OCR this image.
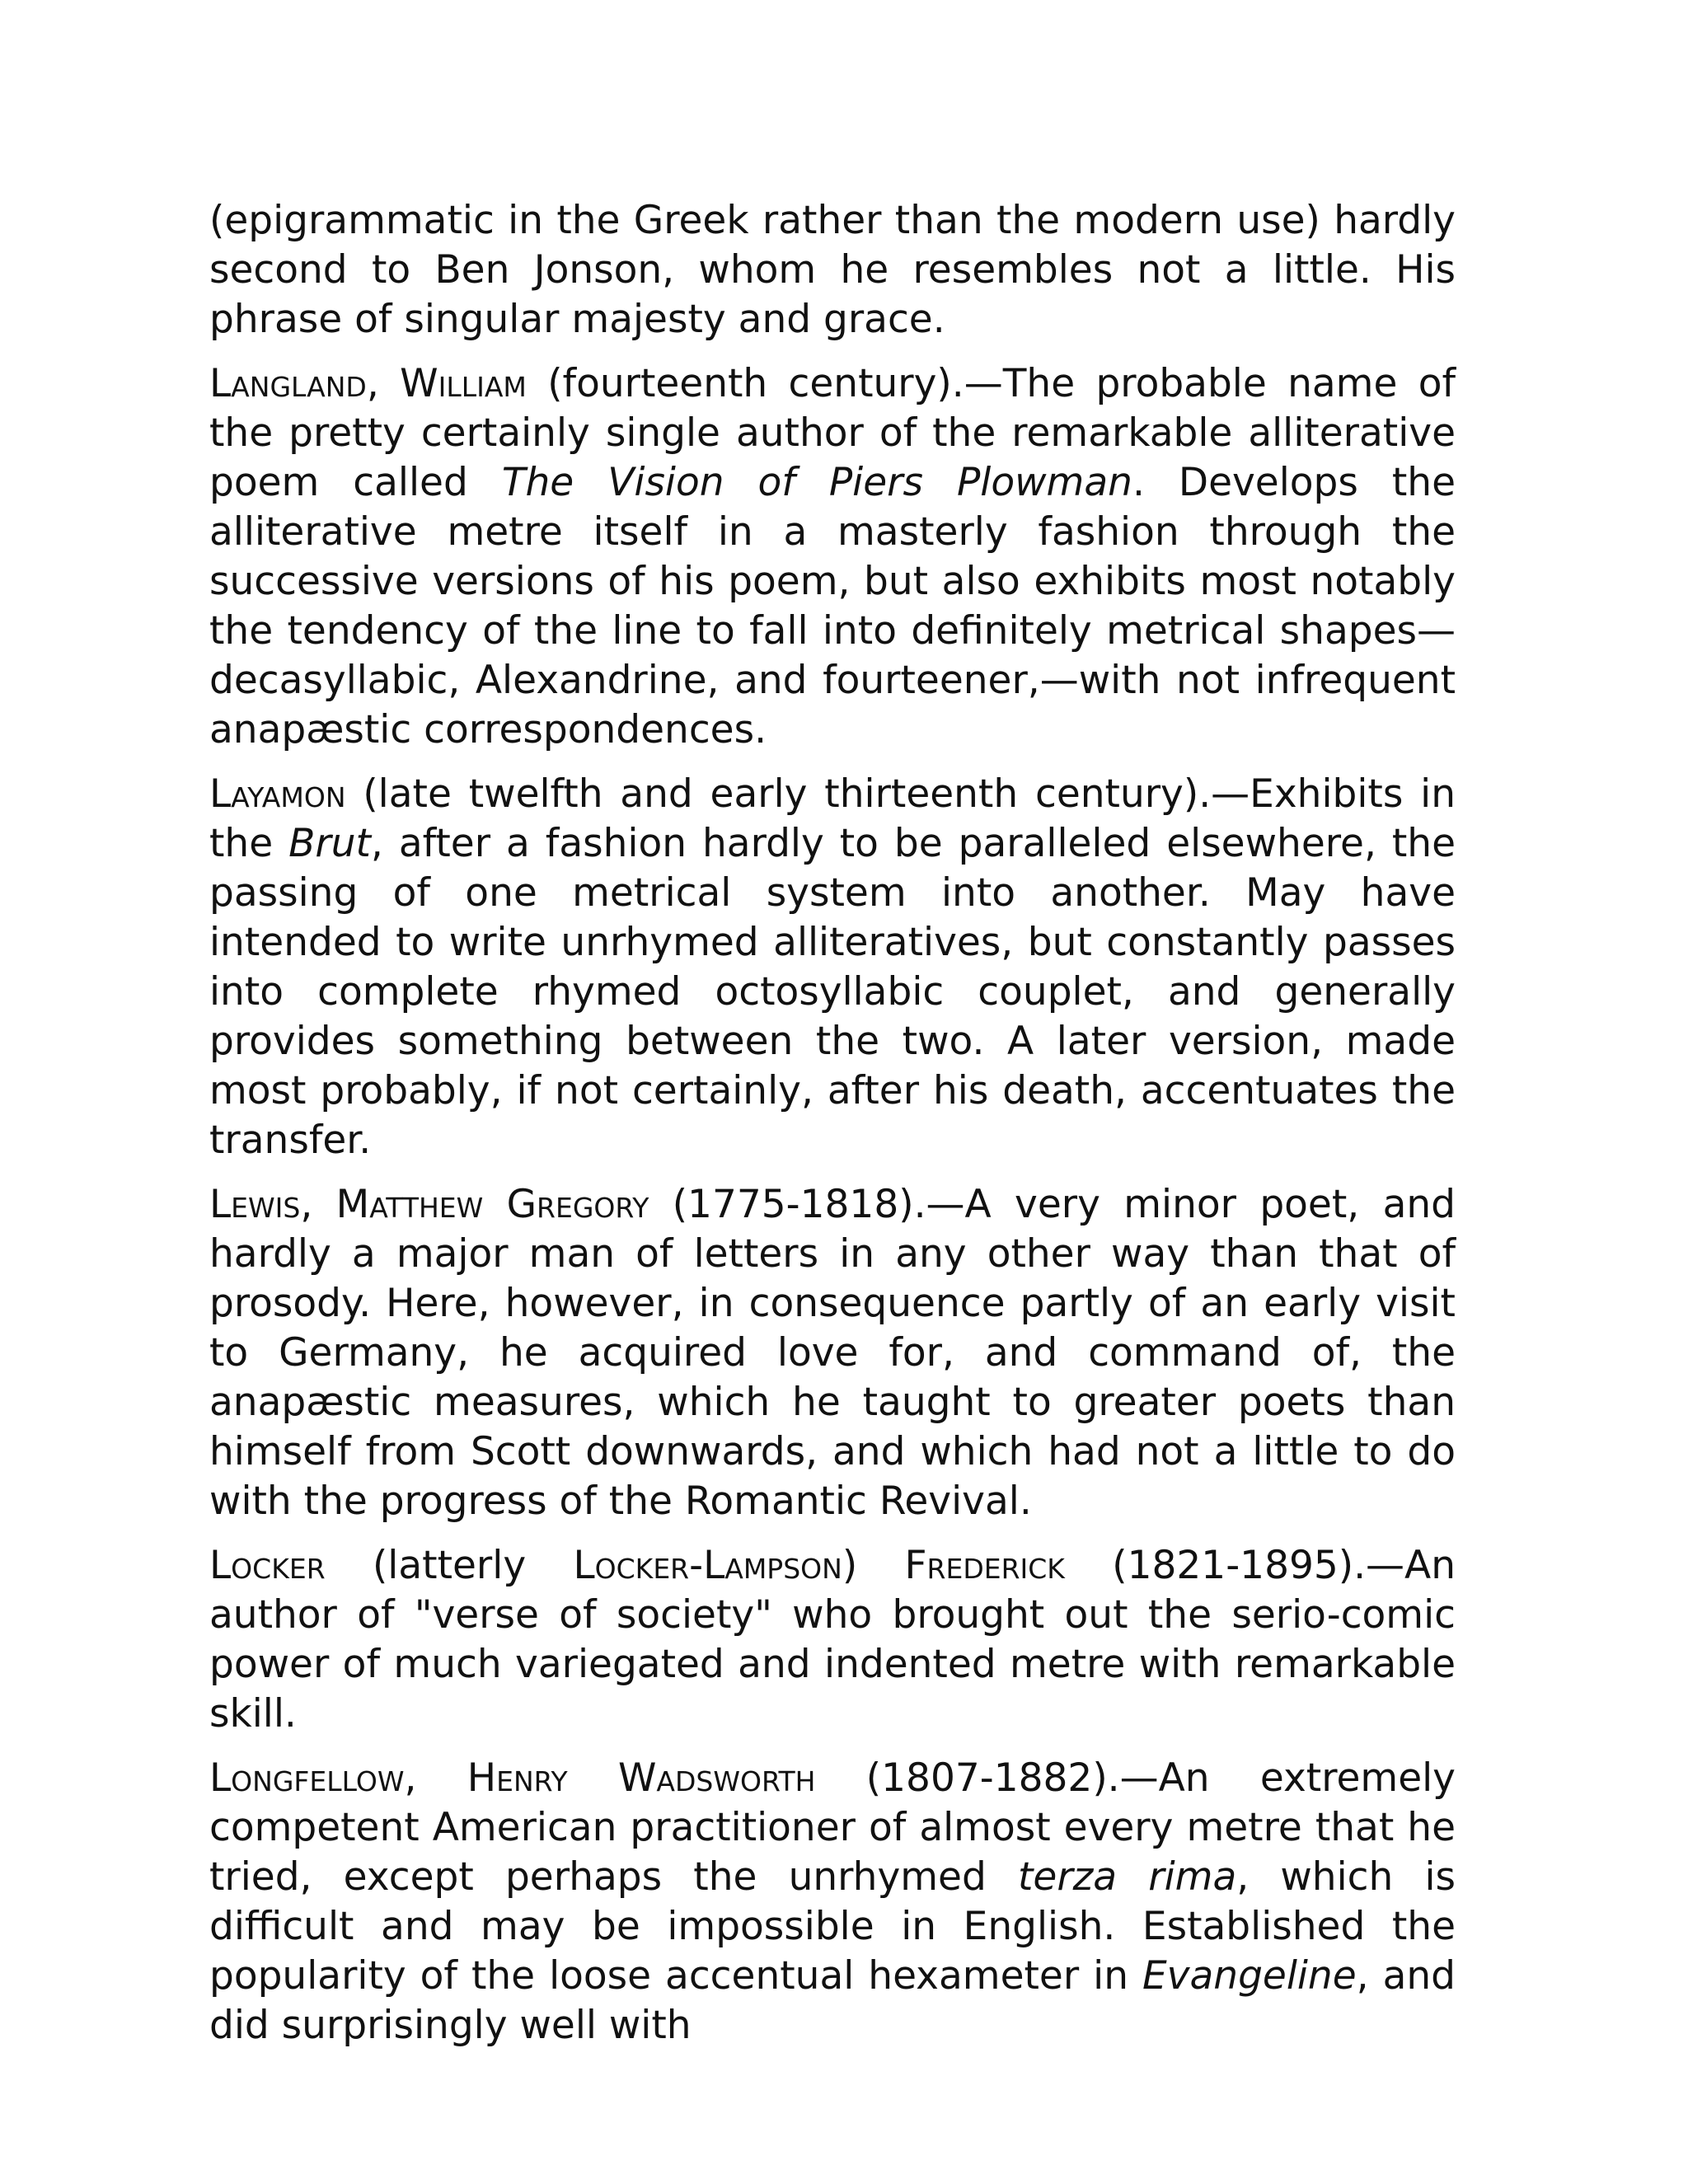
(epigrammatic in the Greek rather than the modern use) hardly second to Ben Jonson, whom he resembles not a little. His phrase of singular majesty and grace.

Langland, William (fourteenth century).—The probable name of the pretty certainly single author of the remarkable alliterative poem called The Vision of Piers Plowman. Develops the alliterative metre itself in a masterly fashion through the successive versions of his poem, but also exhibits most notably the tendency of the line to fall into definitely metrical shapes—decasyllabic, Alexandrine, and fourteener,—with not infrequent anapæstic correspondences.

Layamon (late twelfth and early thirteenth century).—Exhibits in the Brut, after a fashion hardly to be paralleled elsewhere, the passing of one metrical system into another. May have intended to write unrhymed alliteratives, but constantly passes into complete rhymed octosyllabic couplet, and generally provides something between the two. A later version, made most probably, if not certainly, after his death, accentuates the transfer.

Lewis, Matthew Gregory (1775-1818).—A very minor poet, and hardly a major man of letters in any other way than that of prosody. Here, however, in consequence partly of an early visit to Germany, he acquired love for, and command of, the anapæstic measures, which he taught to greater poets than himself from Scott downwards, and which had not a little to do with the progress of the Romantic Revival.

Locker (latterly Locker-Lampson) Frederick (1821-1895).—An author of "verse of society" who brought out the serio-comic power of much variegated and indented metre with remarkable skill.

Longfellow, Henry Wadsworth (1807-1882).—An extremely competent American practitioner of almost every metre that he tried, except perhaps the unrhymed terza rima, which is difficult and may be impossible in English. Established the popularity of the loose accentual hexameter in Evangeline, and did surprisingly well with
